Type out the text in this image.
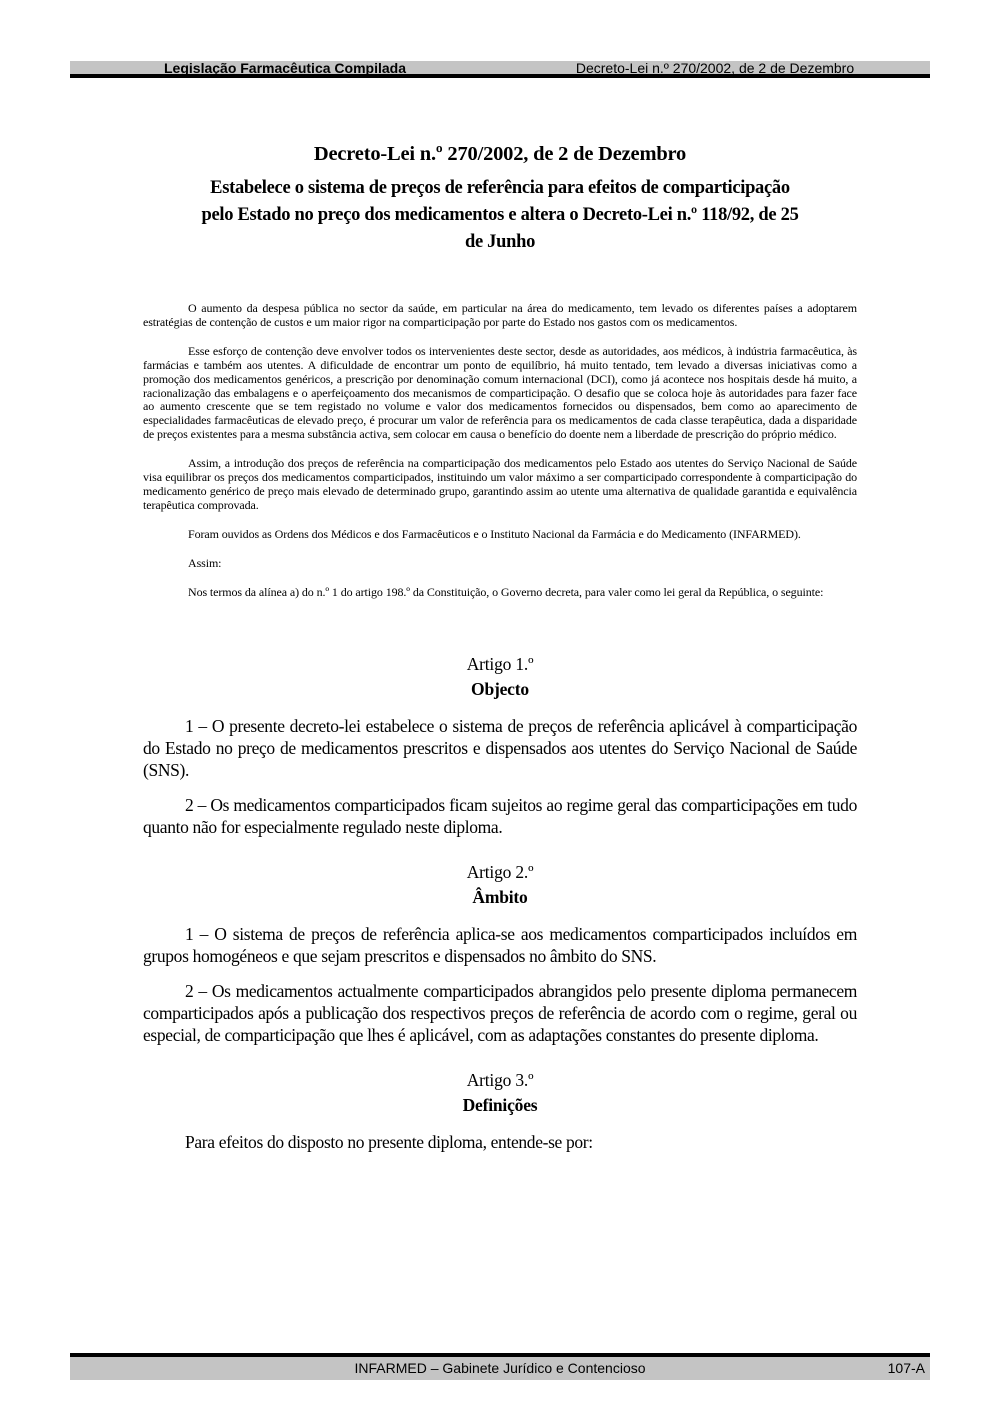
Legislação Farmacêutica Compilada	Decreto-Lei n.º 270/2002, de 2 de Dezembro
Decreto-Lei n.º 270/2002, de 2 de Dezembro
Estabelece o sistema de preços de referência para efeitos de comparticipação pelo Estado no preço dos medicamentos e altera o Decreto-Lei n.º 118/92, de 25 de Junho

O aumento da despesa pública no sector da saúde, em particular na área do medicamento, tem levado os diferentes países a adoptarem estratégias de contenção de custos e um maior rigor na comparticipação por parte do Estado nos gastos com os medicamentos.

Esse esforço de contenção deve envolver todos os intervenientes deste sector, desde as autoridades, aos médicos, à indústria farmacêutica, às farmácias e também aos utentes. A dificuldade de encontrar um ponto de equilíbrio, há muito tentado, tem levado a diversas iniciativas como a promoção dos medicamentos genéricos, a prescrição por denominação comum internacional (DCI), como já acontece nos hospitais desde há muito, a racionalização das embalagens e o aperfeiçoamento dos mecanismos de comparticipação. O desafio que se coloca hoje às autoridades para fazer face ao aumento crescente que se tem registado no volume e valor dos medicamentos fornecidos ou dispensados, bem como ao aparecimento de especialidades farmacêuticas de elevado preço, é procurar um valor de referência para os medicamentos de cada classe terapêutica, dada a disparidade de preços existentes para a mesma substância activa, sem colocar em causa o benefício do doente nem a liberdade de prescrição do próprio médico.

Assim, a introdução dos preços de referência na comparticipação dos medicamentos pelo Estado aos utentes do Serviço Nacional de Saúde visa equilibrar os preços dos medicamentos comparticipados, instituindo um valor máximo a ser comparticipado correspondente à comparticipação do medicamento genérico de preço mais elevado de determinado grupo, garantindo assim ao utente uma alternativa de qualidade garantida e equivalência terapêutica comprovada.

Foram ouvidos as Ordens dos Médicos e dos Farmacêuticos e o Instituto Nacional da Farmácia e do Medicamento (INFARMED).

Assim:

Nos termos da alínea a) do n.º 1 do artigo 198.º da Constituição, o Governo decreta, para valer como lei geral da República, o seguinte:

Artigo 1.º
Objecto

1 – O presente decreto-lei estabelece o sistema de preços de referência aplicável à comparticipação do Estado no preço de medicamentos prescritos e dispensados aos utentes do Serviço Nacional de Saúde (SNS).

2 – Os medicamentos comparticipados ficam sujeitos ao regime geral das comparticipações em tudo quanto não for especialmente regulado neste diploma.

Artigo 2.º
Âmbito

1 – O sistema de preços de referência aplica-se aos medicamentos comparticipados incluídos em grupos homogéneos e que sejam prescritos e dispensados no âmbito do SNS.

2 – Os medicamentos actualmente comparticipados abrangidos pelo presente diploma permanecem comparticipados após a publicação dos respectivos preços de referência de acordo com o regime, geral ou especial, de comparticipação que lhes é aplicável, com as adaptações constantes do presente diploma.

Artigo 3.º
Definições

Para efeitos do disposto no presente diploma, entende-se por:

INFARMED – Gabinete Jurídico e Contencioso	107-A
